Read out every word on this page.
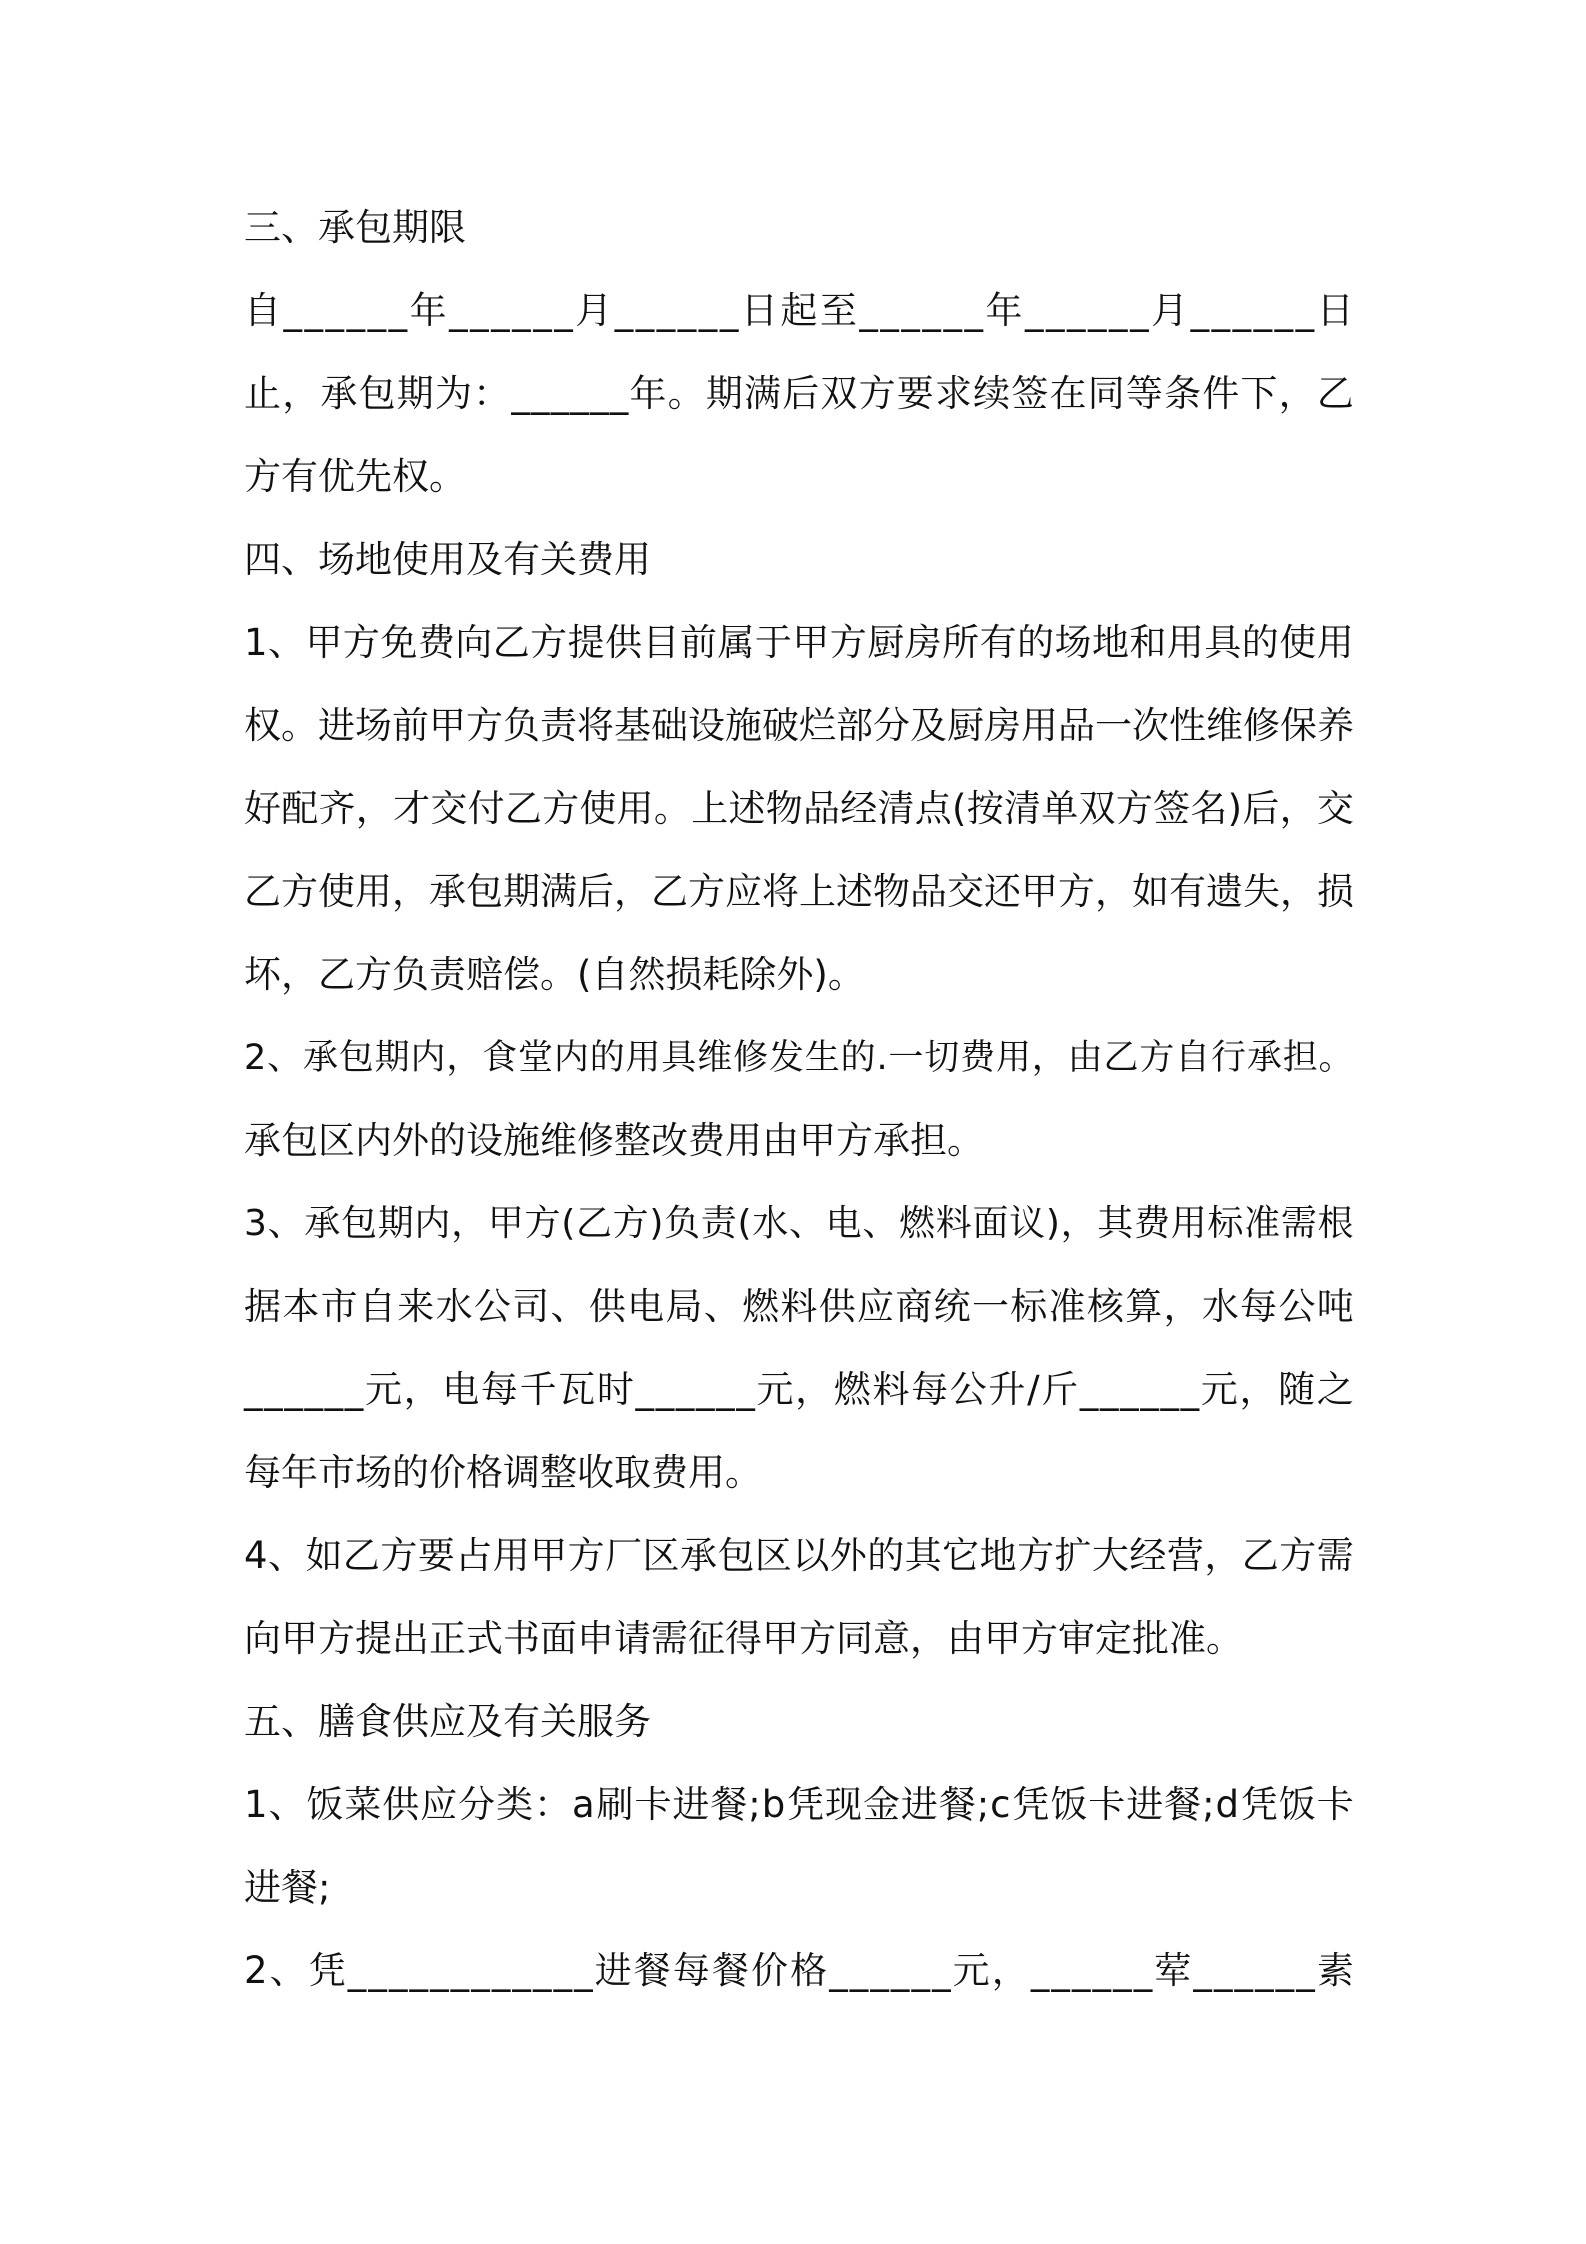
三、承包期限
自 _ _ _ _ _ _ 年 _ _ _ _ _ _ 月 _ _ _ _ _ _ 日 起 至 _ _ _ _ _ _ 年 _ _ _ _ _ _ 月 _ _ _ _ _ _ 日
止 ， 承 包 期 为 ： _ _ _ _ _ _ 年 。 期 满 后 双 方 要 求 续 签 在 同 等 条 件 下 ， 乙
方有优先权。
四、场地使用及有关费用
1 、 甲 方 免 费 向 乙 方 提 供 目 前 属 于 甲 方 厨 房 所 有 的 场 地 和 用 具 的 使 用
权 。 进 场 前 甲 方 负 责 将 基 础 设 施 破 烂 部 分 及 厨 房 用 品 一 次 性 维 修 保 养
好 配 齐 ， 才 交 付 乙 方 使 用 。 上 述 物 品 经 清 点 ( 按 清 单 双 方 签 名 ) 后 ， 交
乙 方 使 用 ， 承 包 期 满 后 ， 乙 方 应 将 上 述 物 品 交 还 甲 方 ， 如 有 遗 失 ， 损
坏，乙方负责赔偿。(自然损耗除外)。
2 、 承 包 期 内 ， 食 堂 内 的 用 具 维 修 发 生 的 . 一 切 费 用 ， 由 乙 方 自 行 承 担 。
承包区内外的设施维修整改费用由甲方承担。
3 、 承 包 期 内 ， 甲 方 ( 乙 方 ) 负 责 ( 水 、 电 、 燃 料 面 议 ) ， 其 费 用 标 准 需 根
据 本 市 自 来 水 公 司 、 供 电 局 、 燃 料 供 应 商 统 一 标 准 核 算 ， 水 每 公 吨
_ _ _ _ _ _ 元 ， 电 每 千 瓦 时 _ _ _ _ _ _ 元 ， 燃 料 每 公 升 / 斤 _ _ _ _ _ _ 元 ， 随 之
每年市场的价格调整收取费用。
4 、 如 乙 方 要 占 用 甲 方 厂 区 承 包 区 以 外 的 其 它 地 方 扩 大 经 营 ， 乙 方 需
向甲方提出正式书面申请需征得甲方同意，由甲方审定批准。
五、膳食供应及有关服务
1 、 饭 菜 供 应 分 类 ： a 刷 卡 进 餐 ; b 凭 现 金 进 餐 ; c 凭 饭 卡 进 餐 ; d 凭 饭 卡
进餐;
2 、 凭 _ _ _ _ _ _ _ _ _ _ _ _ 进 餐 每 餐 价 格 _ _ _ _ _ _ 元 ， _ _ _ _ _ _ 荤 _ _ _ _ _ _ 素
